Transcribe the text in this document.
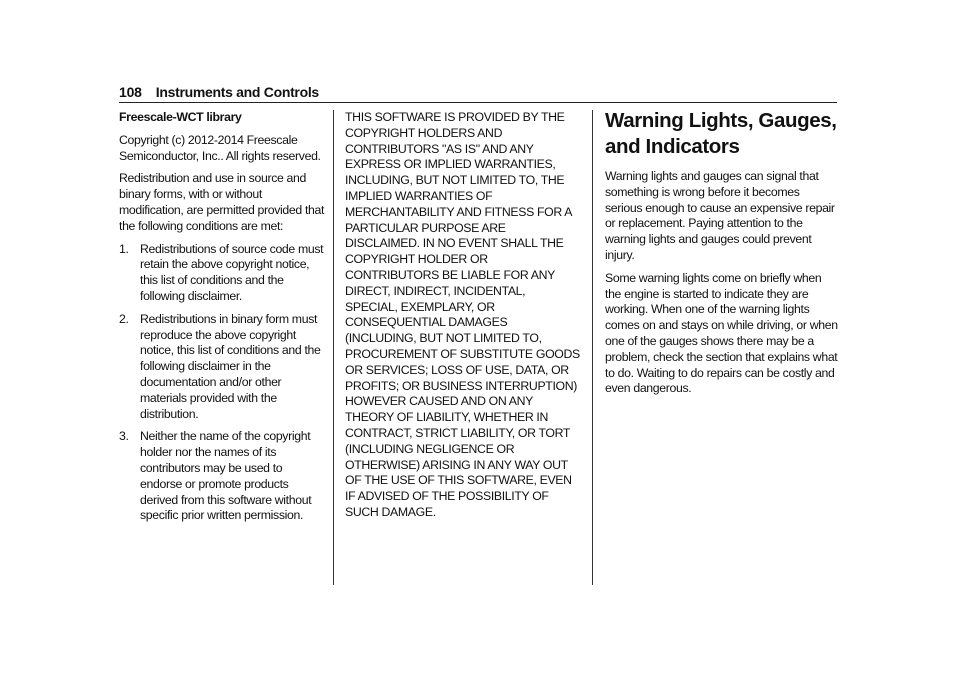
108 Instruments and Controls

Freescale-WCT library

Copyright (c) 2012-2014 Freescale Semiconductor, Inc.. All rights reserved.

Redistribution and use in source and binary forms, with or without modification, are permitted provided that the following conditions are met:

1. Redistributions of source code must retain the above copyright notice, this list of conditions and the following disclaimer.
2. Redistributions in binary form must reproduce the above copyright notice, this list of conditions and the following disclaimer in the documentation and/or other materials provided with the distribution.
3. Neither the name of the copyright holder nor the names of its contributors may be used to endorse or promote products derived from this software without specific prior written permission.

THIS SOFTWARE IS PROVIDED BY THE COPYRIGHT HOLDERS AND CONTRIBUTORS "AS IS" AND ANY EXPRESS OR IMPLIED WARRANTIES, INCLUDING, BUT NOT LIMITED TO, THE IMPLIED WARRANTIES OF MERCHANTABILITY AND FITNESS FOR A PARTICULAR PURPOSE ARE DISCLAIMED. IN NO EVENT SHALL THE COPYRIGHT HOLDER OR CONTRIBUTORS BE LIABLE FOR ANY DIRECT, INDIRECT, INCIDENTAL, SPECIAL, EXEMPLARY, OR CONSEQUENTIAL DAMAGES (INCLUDING, BUT NOT LIMITED TO, PROCUREMENT OF SUBSTITUTE GOODS OR SERVICES; LOSS OF USE, DATA, OR PROFITS; OR BUSINESS INTERRUPTION) HOWEVER CAUSED AND ON ANY THEORY OF LIABILITY, WHETHER IN CONTRACT, STRICT LIABILITY, OR TORT (INCLUDING NEGLIGENCE OR OTHERWISE) ARISING IN ANY WAY OUT OF THE USE OF THIS SOFTWARE, EVEN IF ADVISED OF THE POSSIBILITY OF SUCH DAMAGE.

Warning Lights, Gauges, and Indicators

Warning lights and gauges can signal that something is wrong before it becomes serious enough to cause an expensive repair or replacement. Paying attention to the warning lights and gauges could prevent injury.

Some warning lights come on briefly when the engine is started to indicate they are working. When one of the warning lights comes on and stays on while driving, or when one of the gauges shows there may be a problem, check the section that explains what to do. Waiting to do repairs can be costly and even dangerous.
